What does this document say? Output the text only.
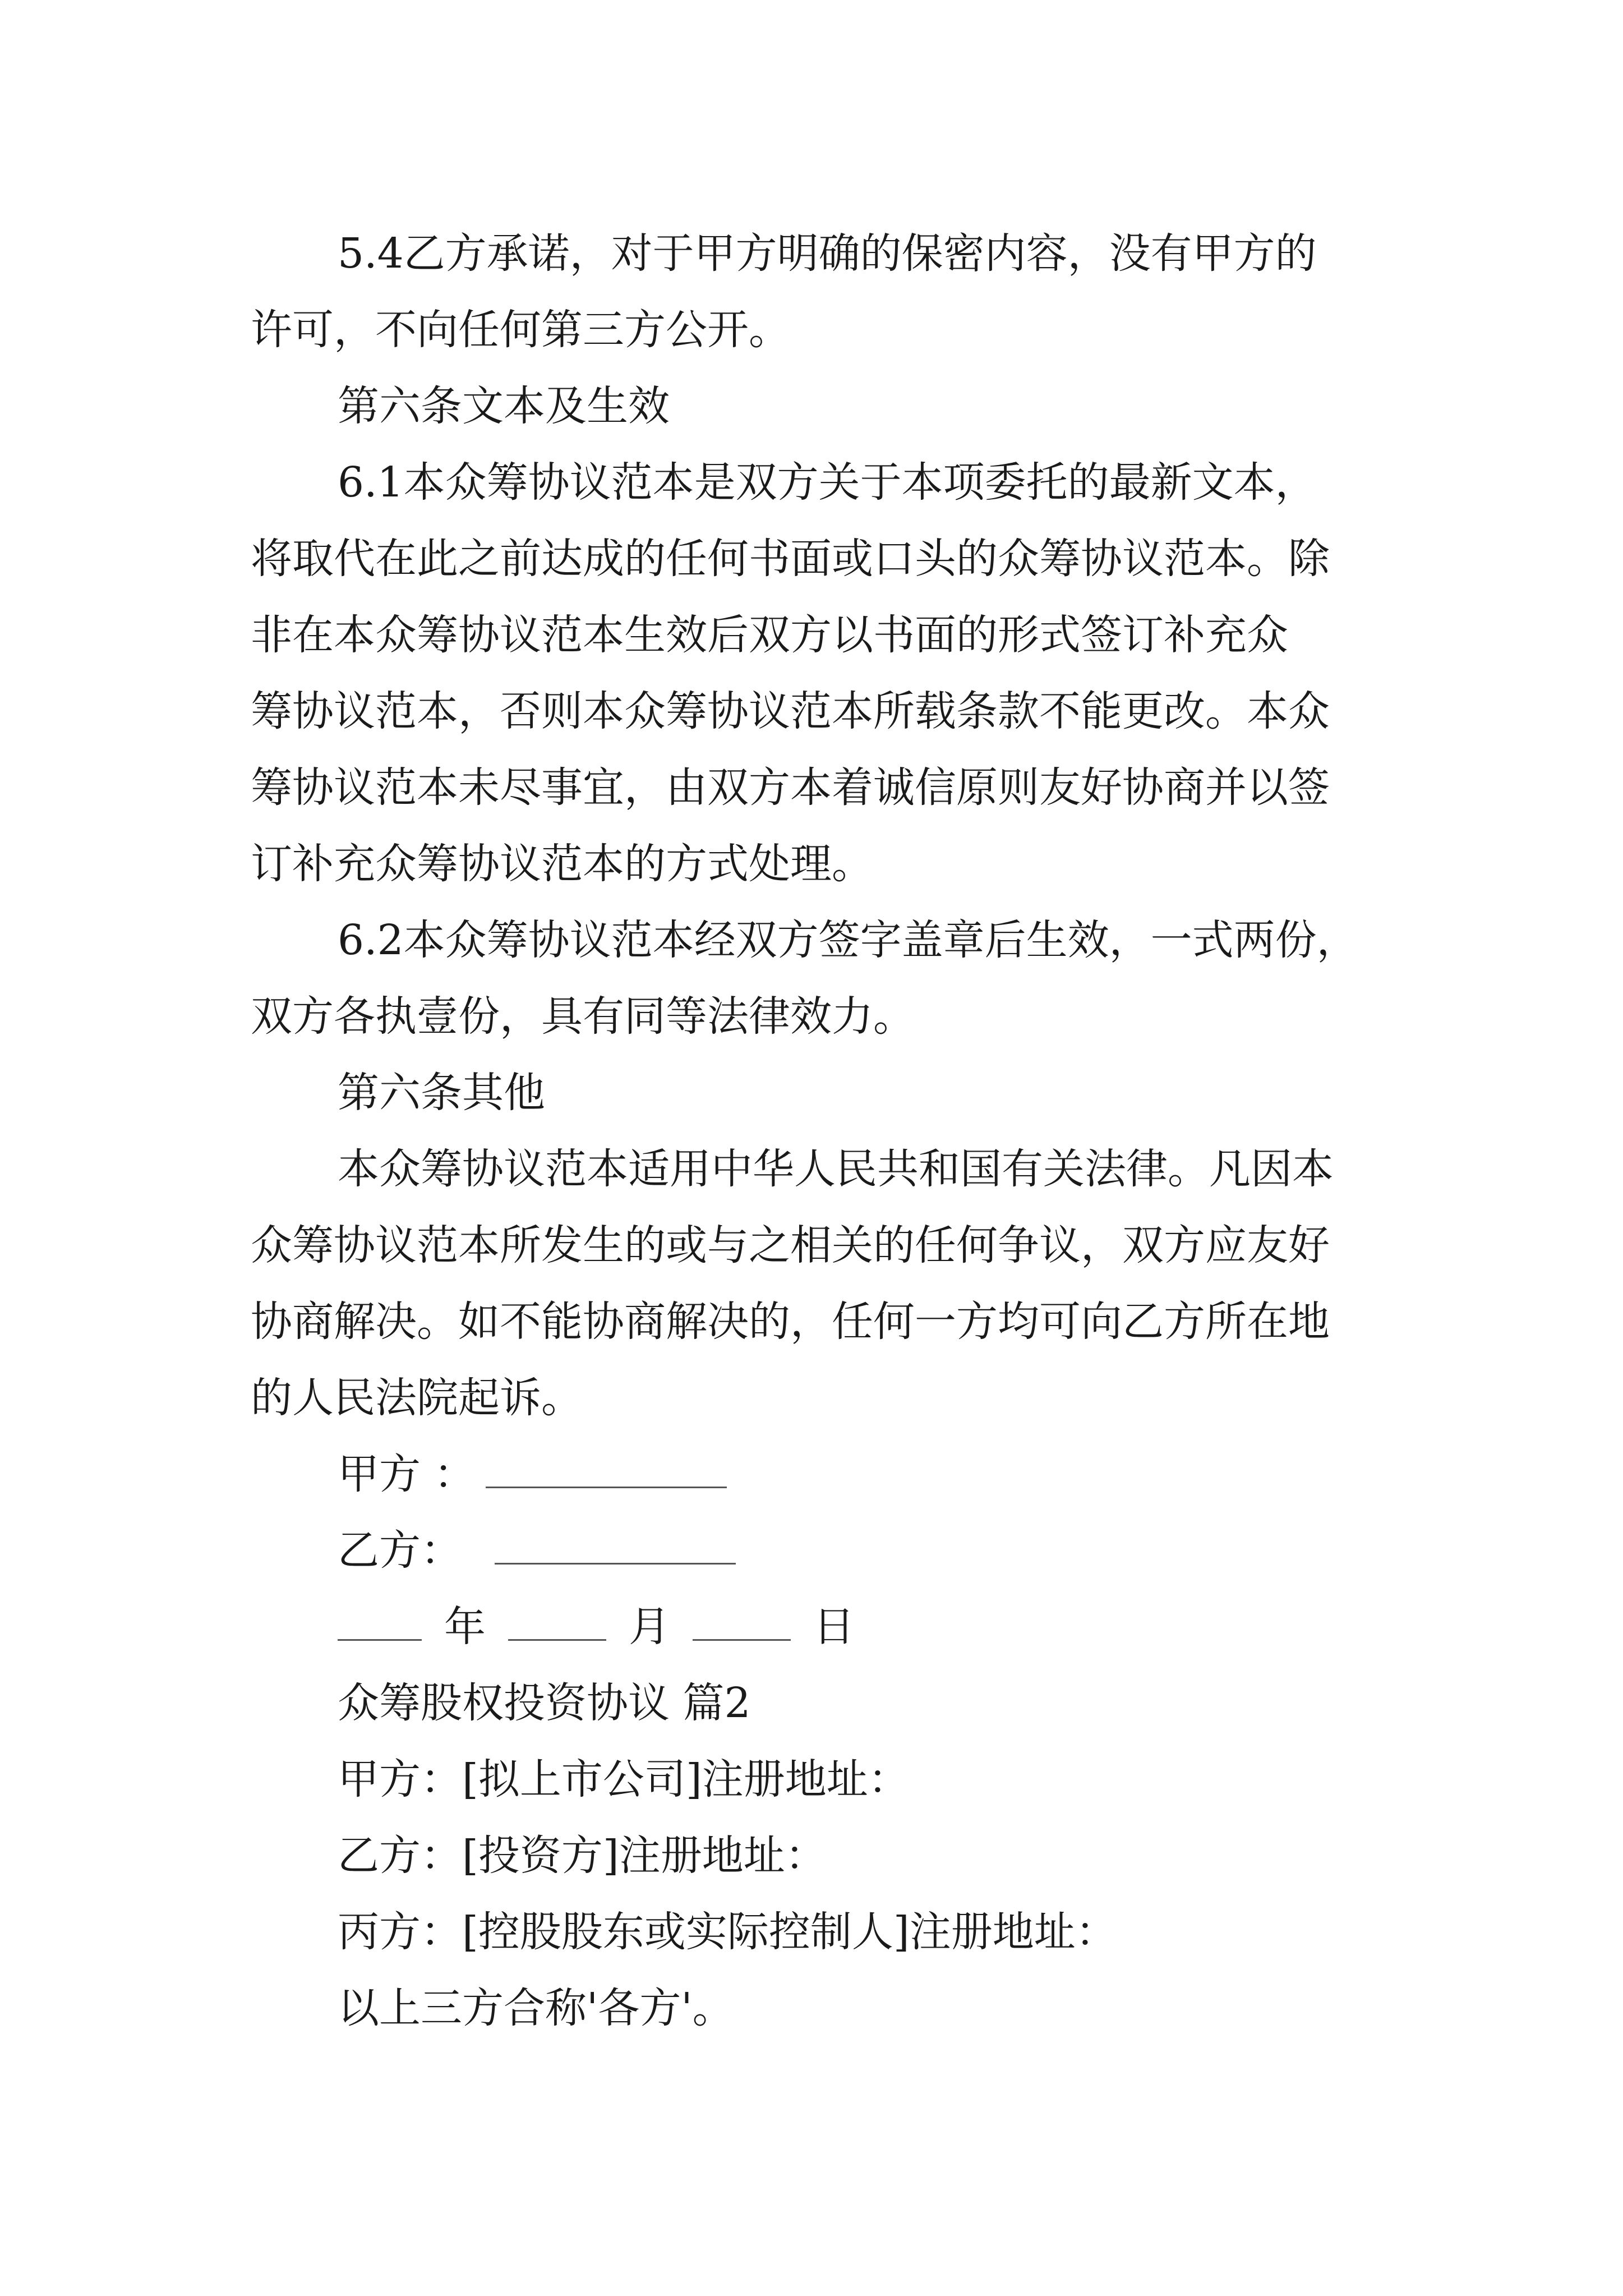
5.4乙方承诺，对于甲方明确的保密内容，没有甲方的

许可，不向任何第三方公开。

第六条文本及生效

6.1本众筹协议范本是双方关于本项委托的最新文本，

将取代在此之前达成的任何书面或口头的众筹协议范本。除

非在本众筹协议范本生效后双方以书面的形式签订补充众

筹协议范本，否则本众筹协议范本所载条款不能更改。本众

筹协议范本未尽事宜，由双方本着诚信原则友好协商并以签

订补充众筹协议范本的方式处理。

6.2本众筹协议范本经双方签字盖章后生效，一式两份，

双方各执壹份，具有同等法律效力。

第六条其他

本众筹协议范本适用中华人民共和国有关法律。凡因本

众筹协议范本所发生的或与之相关的任何争议，双方应友好

协商解决。如不能协商解决的，任何一方均可向乙方所在地

的人民法院起诉。

甲方 ：

乙方：

年	月	日

众筹股权投资协议 篇2

甲方：[拟上市公司]注册地址：

乙方：[投资方]注册地址：

丙方：[控股股东或实际控制人]注册地址：

以上三方合称'各方'。
